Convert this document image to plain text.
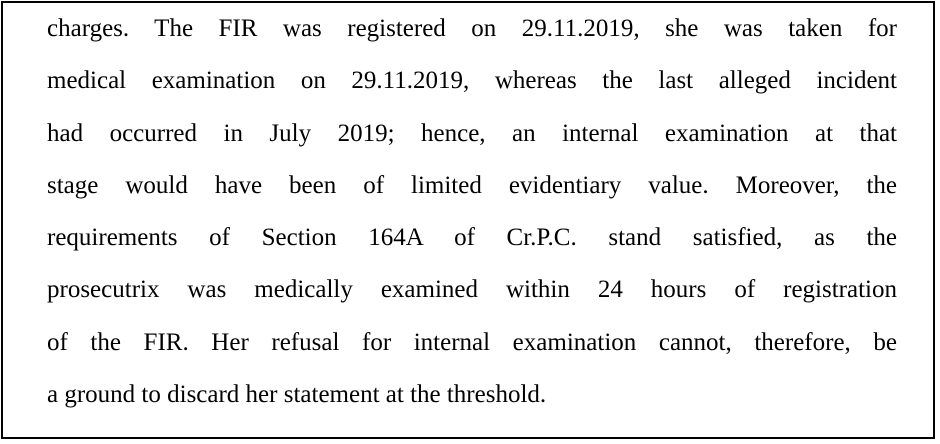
charges. The FIR was registered on 29.11.2019, she was taken for
medical examination on 29.11.2019, whereas the last alleged incident
had occurred in July 2019; hence, an internal examination at that
stage would have been of limited evidentiary value. Moreover, the
requirements of Section 164A of Cr.P.C. stand satisfied, as the
prosecutrix was medically examined within 24 hours of registration
of the FIR. Her refusal for internal examination cannot, therefore, be
a ground to discard her statement at the threshold.
